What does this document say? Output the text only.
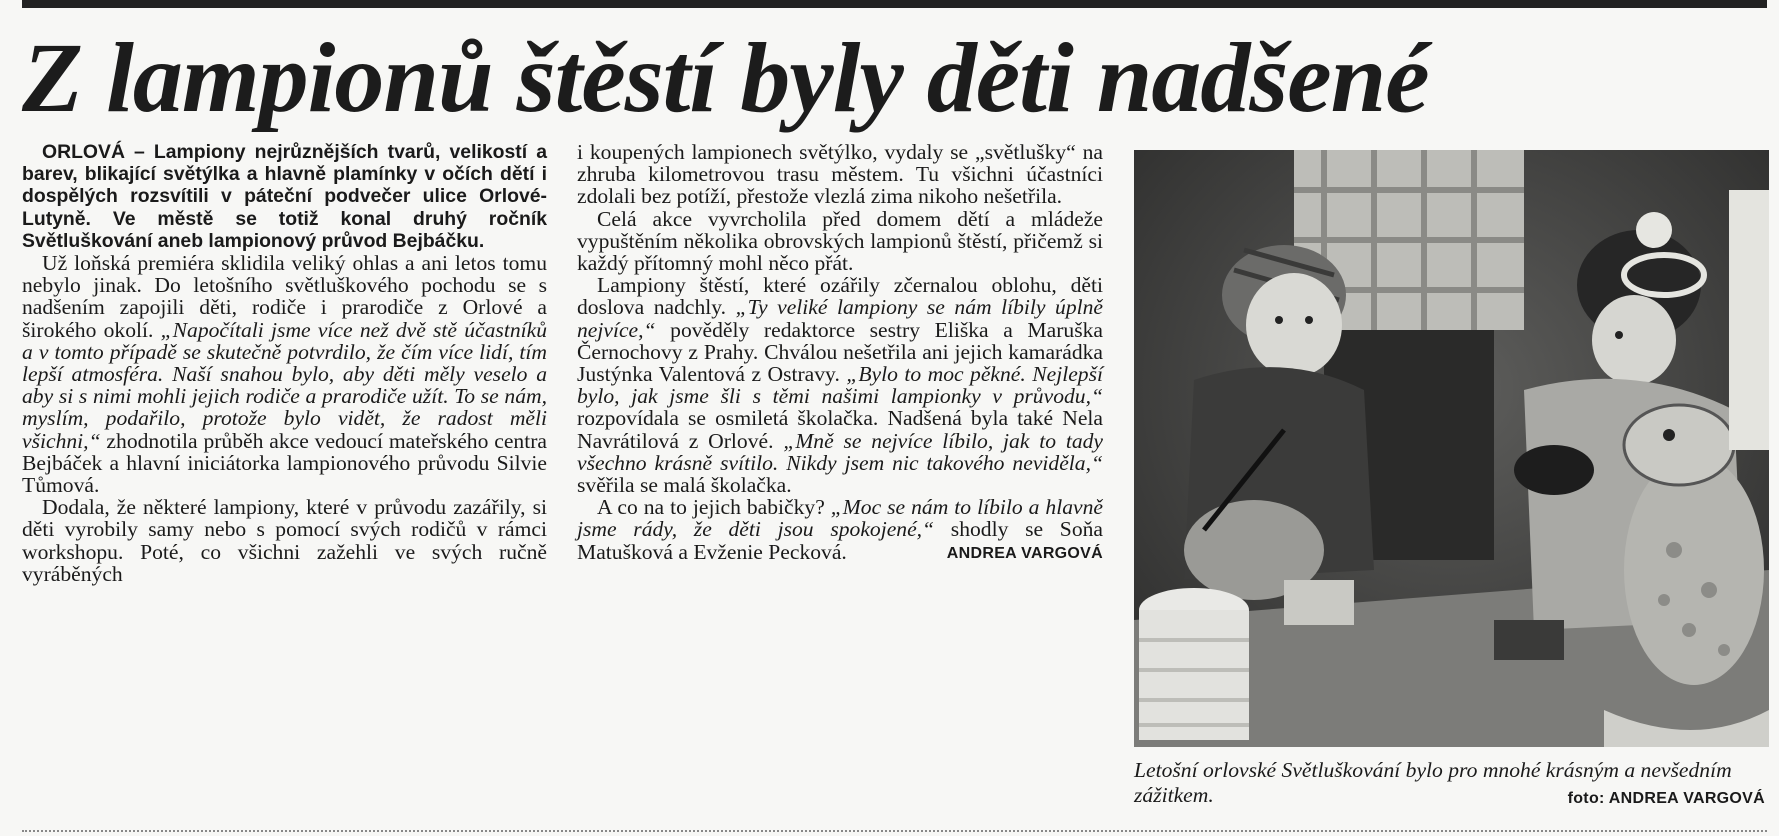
Z lampionů štěstí byly děti nadšené

ORLOVÁ – Lampiony nejrůznějších tvarů, velikostí a barev, blikající světýlka a hlavně plamínky v očích dětí i dospělých rozsvítili v páteční podvečer ulice Orlové-Lutyně. Ve městě se totiž konal druhý ročník Světluškování aneb lampionový průvod Bejbáčku.

Už loňská premiéra sklidila veliký ohlas a ani letos tomu nebylo jinak. Do letošního světluškového pochodu se s nadšením zapojili děti, rodiče i prarodiče z Orlové a širokého okolí. „Napočítali jsme více než dvě stě účastníků a v tomto případě se skutečně potvrdilo, že čím více lidí, tím lepší atmosféra. Naší snahou bylo, aby děti měly veselo a aby si s nimi mohli jejich rodiče a prarodiče užít. To se nám, myslím, podařilo, protože bylo vidět, že radost měli všichni,“ zhodnotila průběh akce vedoucí mateřského centra Bejbáček a hlavní iniciátorka lampionového průvodu Silvie Tůmová.

Dodala, že některé lampiony, které v průvodu zazářily, si děti vyrobily samy nebo s pomocí svých rodičů v rámci workshopu. Poté, co všichni zažehli ve svých ručně vyráběných

i koupených lampionech světýlko, vydaly se „světlušky“ na zhruba kilometrovou trasu městem. Tu všichni účastníci zdolali bez potíží, přestože vlezlá zima nikoho nešetřila.

Celá akce vyvrcholila před domem dětí a mládeže vypuštěním několika obrovských lampionů štěstí, přičemž si každý přítomný mohl něco přát.

Lampiony štěstí, které ozářily zčernalou oblohu, děti doslova nadchly. „Ty veliké lampiony se nám líbily úplně nejvíce,“ pověděly redaktorce sestry Eliška a Maruška Černochovy z Prahy. Chválou nešetřila ani jejich kamarádka Justýnka Valentová z Ostravy. „Bylo to moc pěkné. Nejlepší bylo, jak jsme šli s těmi našimi lampionky v průvodu,“ rozpovídala se osmiletá školačka. Nadšená byla také Nela Navrátilová z Orlové. „Mně se nejvíce líbilo, jak to tady všechno krásně svítilo. Nikdy jsem nic takového neviděla,“ svěřila se malá školačka.

A co na to jejich babičky? „Moc se nám to líbilo a hlavně jsme rády, že děti jsou spokojené,“ shodly se Soňa Matušková a Evženie Pecková.	ANDREA VARGOVÁ

Letošní orlovské Světluškování bylo pro mnohé krásným a nevšedním zážitkem.	foto: ANDREA VARGOVÁ
